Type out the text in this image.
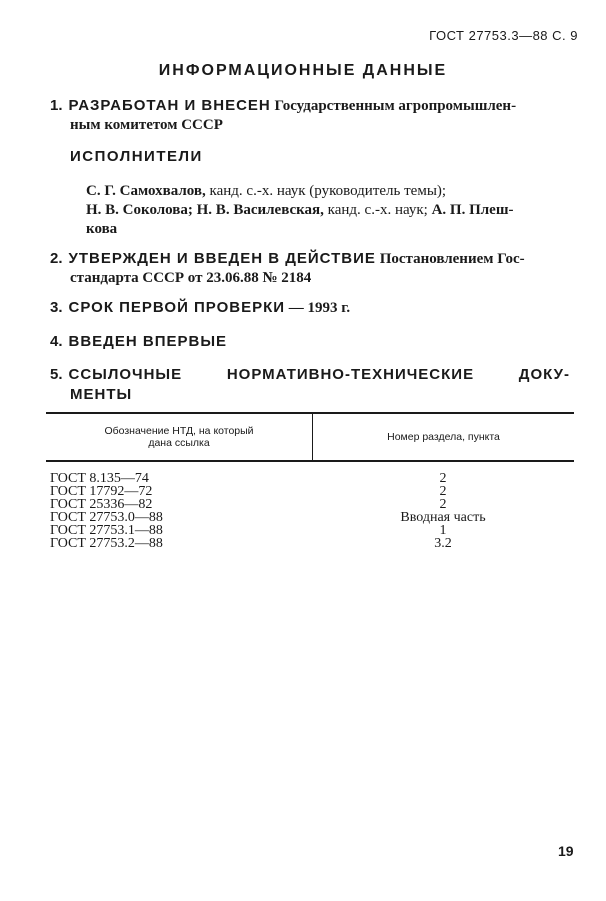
ГОСТ 27753.3—88 С. 9
ИНФОРМАЦИОННЫЕ ДАННЫЕ
1. РАЗРАБОТАН И ВНЕСЕН Государственным агропромышлен-
ным комитетом СССР
ИСПОЛНИТЕЛИ
С. Г. Самохвалов, канд. с.-х. наук (руководитель темы);
Н. В. Соколова; Н. В. Василевская, канд. с.-х. наук; А. П. Плеш-
кова
2. УТВЕРЖДЕН И ВВЕДЕН В ДЕЙСТВИЕ Постановлением Гос-
стандарта СССР от 23.06.88 № 2184
3. СРОК ПЕРВОЙ ПРОВЕРКИ — 1993 г.
4. ВВЕДЕН ВПЕРВЫЕ
5. ССЫЛОЧНЫЕ	НОРМАТИВНО-ТЕХНИЧЕСКИЕ	ДОКУ-
МЕНТЫ
Обозначение НТД, на который
дана ссылка	Номер раздела, пункта
ГОСТ 8.135—74	2
ГОСТ 17792—72	2
ГОСТ 25336—82	2
ГОСТ 27753.0—88	Вводная часть
ГОСТ 27753.1—88	1
ГОСТ 27753.2—88	3.2
19
